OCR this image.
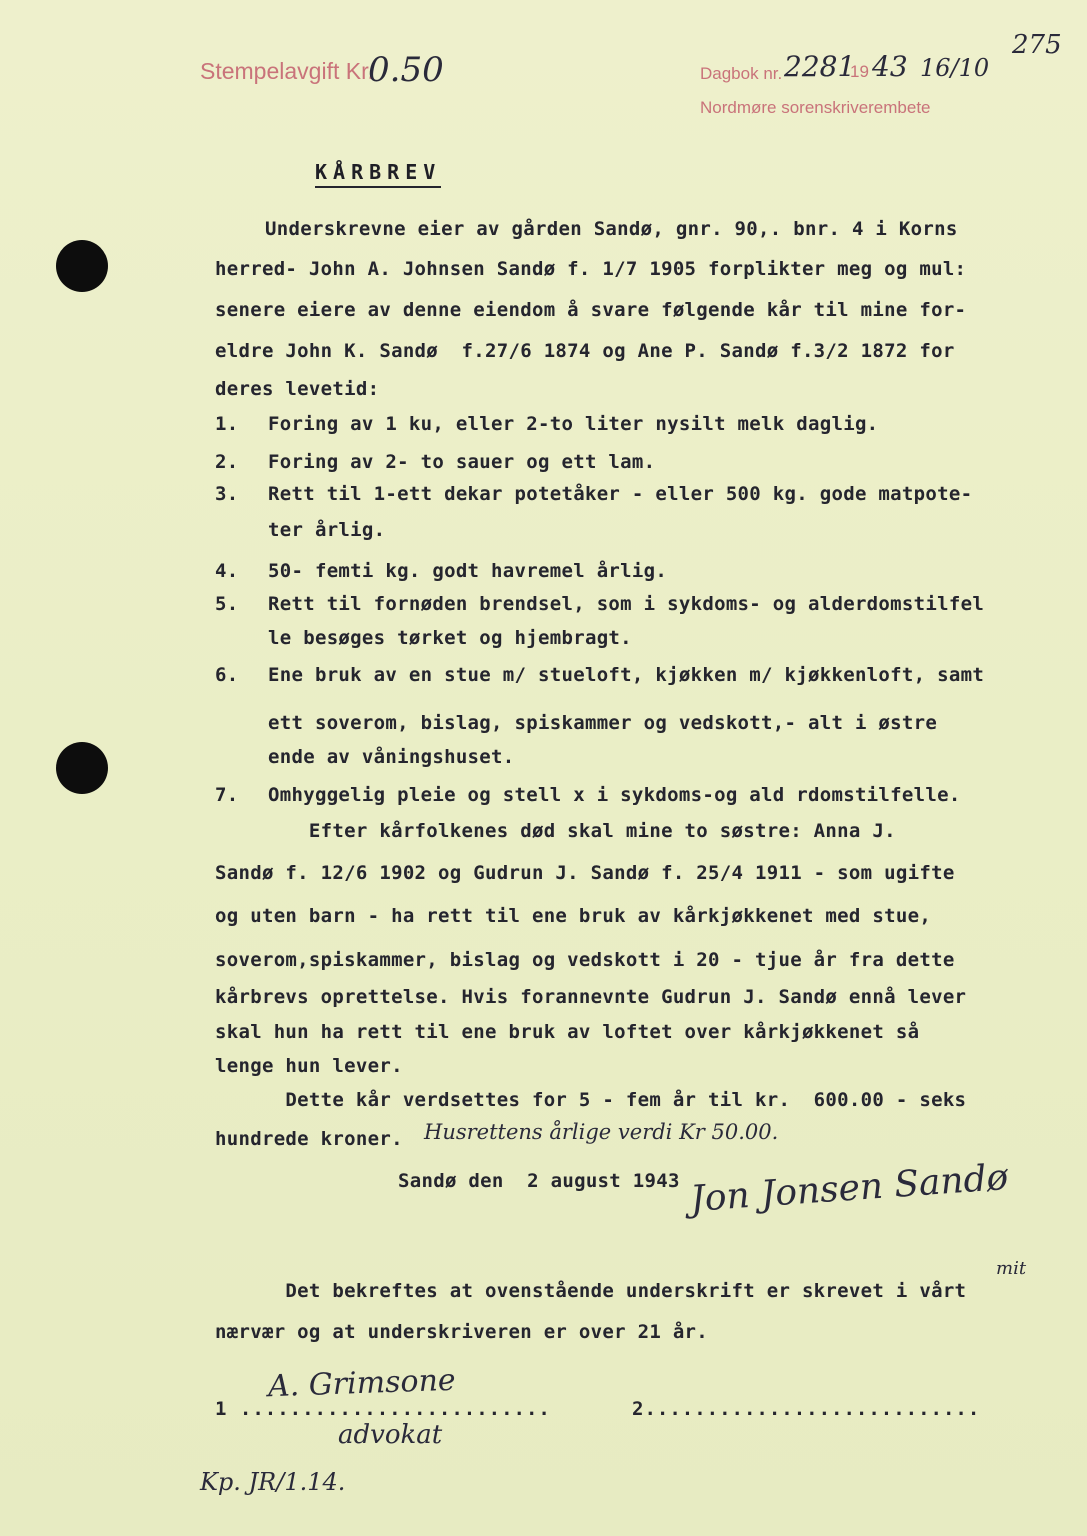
Stempelavgift Kr.
0.50	Dagbok nr. 2281
19 43 16/10
Nordmøre sorenskriverembete
275
KÅRBREV
Underskrevne eier av gården Sandø, gnr. 90,. bnr. 4 i Korns
herred- John A. Johnsen Sandø f. 1/7 1905 forplikter meg og mul:
senere eiere av denne eiendom å svare følgende kår til mine for-
eldre John K. Sandø  f.27/6 1874 og Ane P. Sandø f.3/2 1872 for
deres levetid:
1. Foring av 1 ku, eller 2-to liter nysilt melk daglig.
2. Foring av 2- to sauer og ett lam.
3. Rett til 1-ett dekar potetåker - eller 500 kg. gode matpote-
ter årlig.
4. 50- femti kg. godt havremel årlig.
5. Rett til fornøden brendsel, som i sykdoms- og alderdomstilfel
le besøges tørket og hjembragt.
6. Ene bruk av en stue m/ stueloft, kjøkken m/ kjøkkenloft, samt
ett soverom, bislag, spiskammer og vedskott,- alt i østre
ende av våningshuset.
7. Omhyggelig pleie og stell x i sykdoms-og ald rdomstilfelle.
Efter kårfolkenes død skal mine to søstre: Anna J.
Sandø f. 12/6 1902 og Gudrun J. Sandø f. 25/4 1911 - som ugifte
og uten barn - ha rett til ene bruk av kårkjøkkenet med stue,
soverom,spiskammer, bislag og vedskott i 20 - tjue år fra dette
kårbrevs oprettelse. Hvis forannevnte Gudrun J. Sandø ennå lever
skal hun ha rett til ene bruk av loftet over kårkjøkkenet så
lenge hun lever.
Dette kår verdsettes for 5 - fem år til kr.  600.00 - seks
hundrede kroner. Husrettens årlige verdi Kr 50.00.
Sandø den  2 august 1943 Jon Jonsen Sandø
mit
Det bekreftes at ovenstående underskrift er skrevet i vårt
nærvær og at underskriveren er over 21 år.
1 .........................	2...........................
A. Grimsone
advokat
Kp. JR/1.14.
